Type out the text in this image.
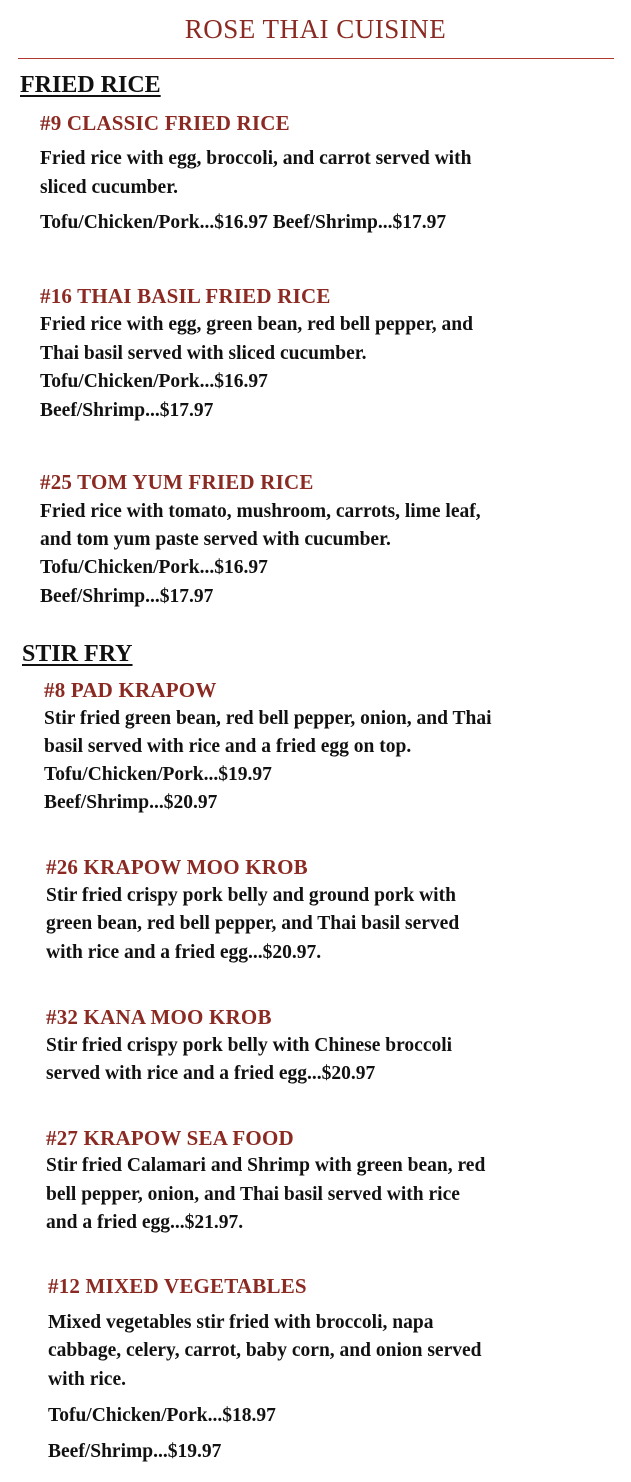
ROSE THAI CUISINE
FRIED RICE
#9 CLASSIC FRIED RICE
Fried rice with egg, broccoli, and carrot served with
sliced cucumber.
Tofu/Chicken/Pork...$16.97 Beef/Shrimp...$17.97
#16 THAI BASIL FRIED RICE
Fried rice with egg, green bean, red bell pepper, and
Thai basil served with sliced cucumber.
Tofu/Chicken/Pork...$16.97
Beef/Shrimp...$17.97
#25 TOM YUM FRIED RICE
Fried rice with tomato, mushroom, carrots, lime leaf,
and tom yum paste served with cucumber.
Tofu/Chicken/Pork...$16.97
Beef/Shrimp...$17.97
STIR FRY
#8 PAD KRAPOW
Stir fried green bean, red bell pepper, onion, and Thai
basil served with rice and a fried egg on top.
Tofu/Chicken/Pork...$19.97
Beef/Shrimp...$20.97
#26 KRAPOW MOO KROB
Stir fried crispy pork belly and ground pork with
green bean, red bell pepper, and Thai basil served
with rice and a fried egg...$20.97.
#32 KANA MOO KROB
Stir fried crispy pork belly with Chinese broccoli
served with rice and a fried egg...$20.97
#27 KRAPOW SEA FOOD
Stir fried Calamari and Shrimp with green bean, red
bell pepper, onion, and Thai basil served with rice
and a fried egg...$21.97.
#12 MIXED VEGETABLES
Mixed vegetables stir fried with broccoli, napa
cabbage, celery, carrot, baby corn, and onion served
with rice.
Tofu/Chicken/Pork...$18.97
Beef/Shrimp...$19.97
